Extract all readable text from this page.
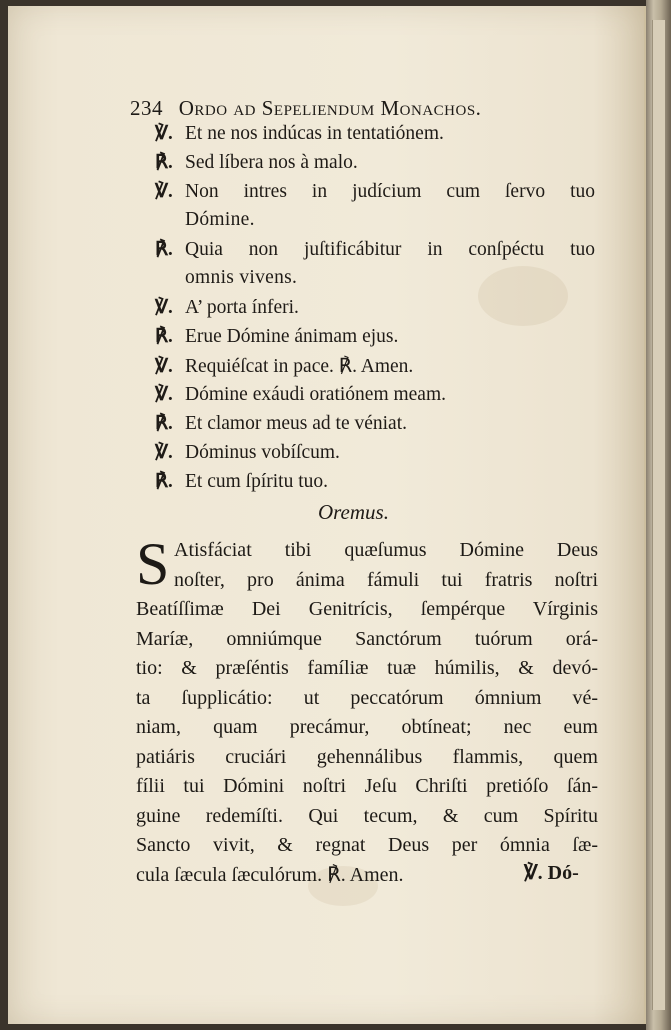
234 Ordo ad Sepeliendum Monachos.
℣. Et ne nos indúcas in tentatiónem.
℟. Sed líbera nos à malo.
℣. Non intres in judícium cum ſervo tuo
Dómine.
℟. Quia non juſtificábitur in conſpéctu tuo
omnis vivens.
℣. A’ porta ínferi.
℟. Erue Dómine ánimam ejus.
℣. Requiéſcat in pace. ℟. Amen.
℣. Dómine exáudi oratiónem meam.
℟. Et clamor meus ad te véniat.
℣. Dóminus vobíſcum.
℟. Et cum ſpíritu tuo.
Oremus.
S Atisfáciat tibi quæſumus Dómine Deus
noſter, pro ánima fámuli tui fratris noſtri
Beatíſſimæ Dei Genitrícis, ſempérque Vírginis
Maríæ, omniúmque Sanctórum tuórum orá-
tio: & præſéntis famíliæ tuæ húmilis, & devó-
ta ſupplicátio: ut peccatórum ómnium vé-
niam, quam precámur, obtíneat; nec eum
patiáris cruciári gehennálibus flammis, quem
fílii tui Dómini noſtri Jeſu Chriſti pretióſo ſán-
guine redemíſti. Qui tecum, & cum Spíritu
Sancto vivit, & regnat Deus per ómnia ſæ-
cula ſæcula ſæculórum. ℟. Amen.	℣. Dó-
